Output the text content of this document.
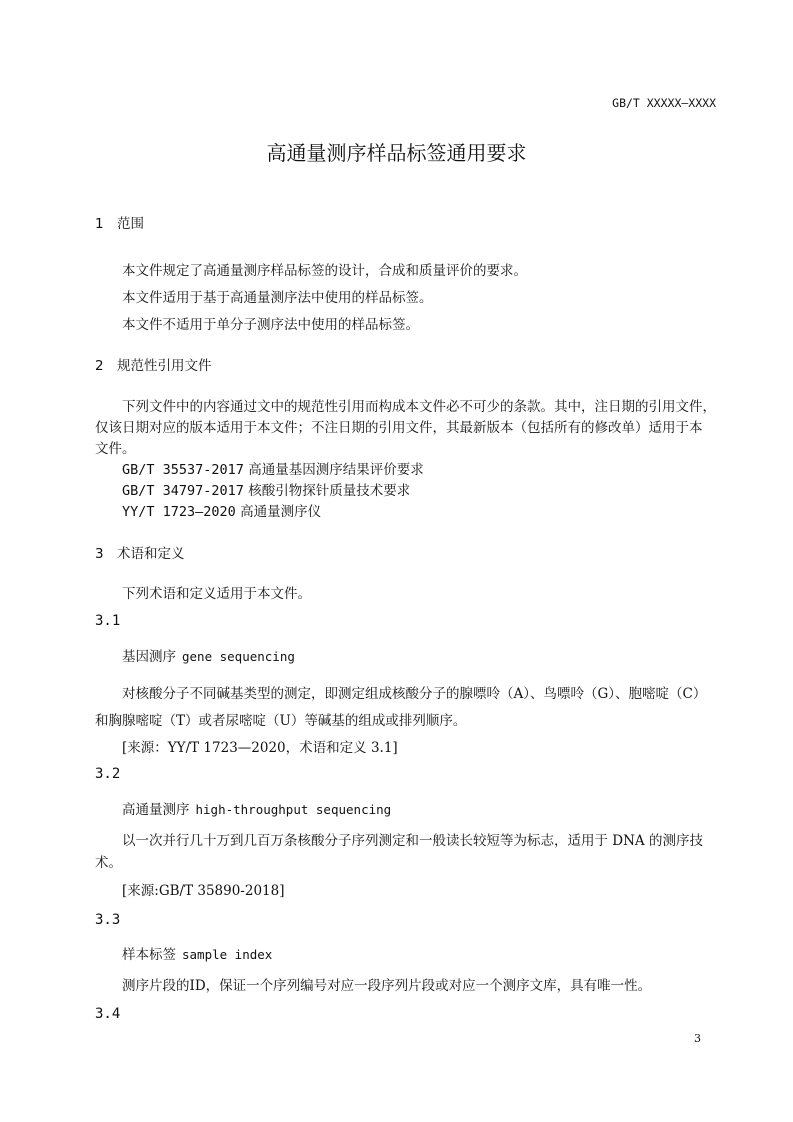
GB/T XXXXX—XXXX
高通量测序样品标签通用要求
1 范围
本文件规定了高通量测序样品标签的设计，合成和质量评价的要求。
本文件适用于基于高通量测序法中使用的样品标签。
本文件不适用于单分子测序法中使用的样品标签。
2 规范性引用文件
下列文件中的内容通过文中的规范性引用而构成本文件必不可少的条款。其中，注日期的引用文件，
仅该日期对应的版本适用于本文件；不注日期的引用文件，其最新版本（包括所有的修改单）适用于本
文件。
GB/T 35537-2017 高通量基因测序结果评价要求
GB/T 34797-2017 核酸引物探针质量技术要求
YY/T 1723—2020 高通量测序仪
3 术语和定义
下列术语和定义适用于本文件。
3.1
基因测序 gene sequencing
对核酸分子不同碱基类型的测定，即测定组成核酸分子的腺嘌呤（A）、鸟嘌呤（G）、胞嘧啶（C）
和胸腺嘧啶（T）或者尿嘧啶（U）等碱基的组成或排列顺序。
[来源：YY/T 1723—2020，术语和定义 3.1]
3.2
高通量测序 high-throughput sequencing
以一次并行几十万到几百万条核酸分子序列测定和一般读长较短等为标志，适用于 DNA 的测序技
术。
[来源:GB/T 35890-2018]
3.3
样本标签 sample index
测序片段的ID，保证一个序列编号对应一段序列片段或对应一个测序文库，具有唯一性。
3.4
3
